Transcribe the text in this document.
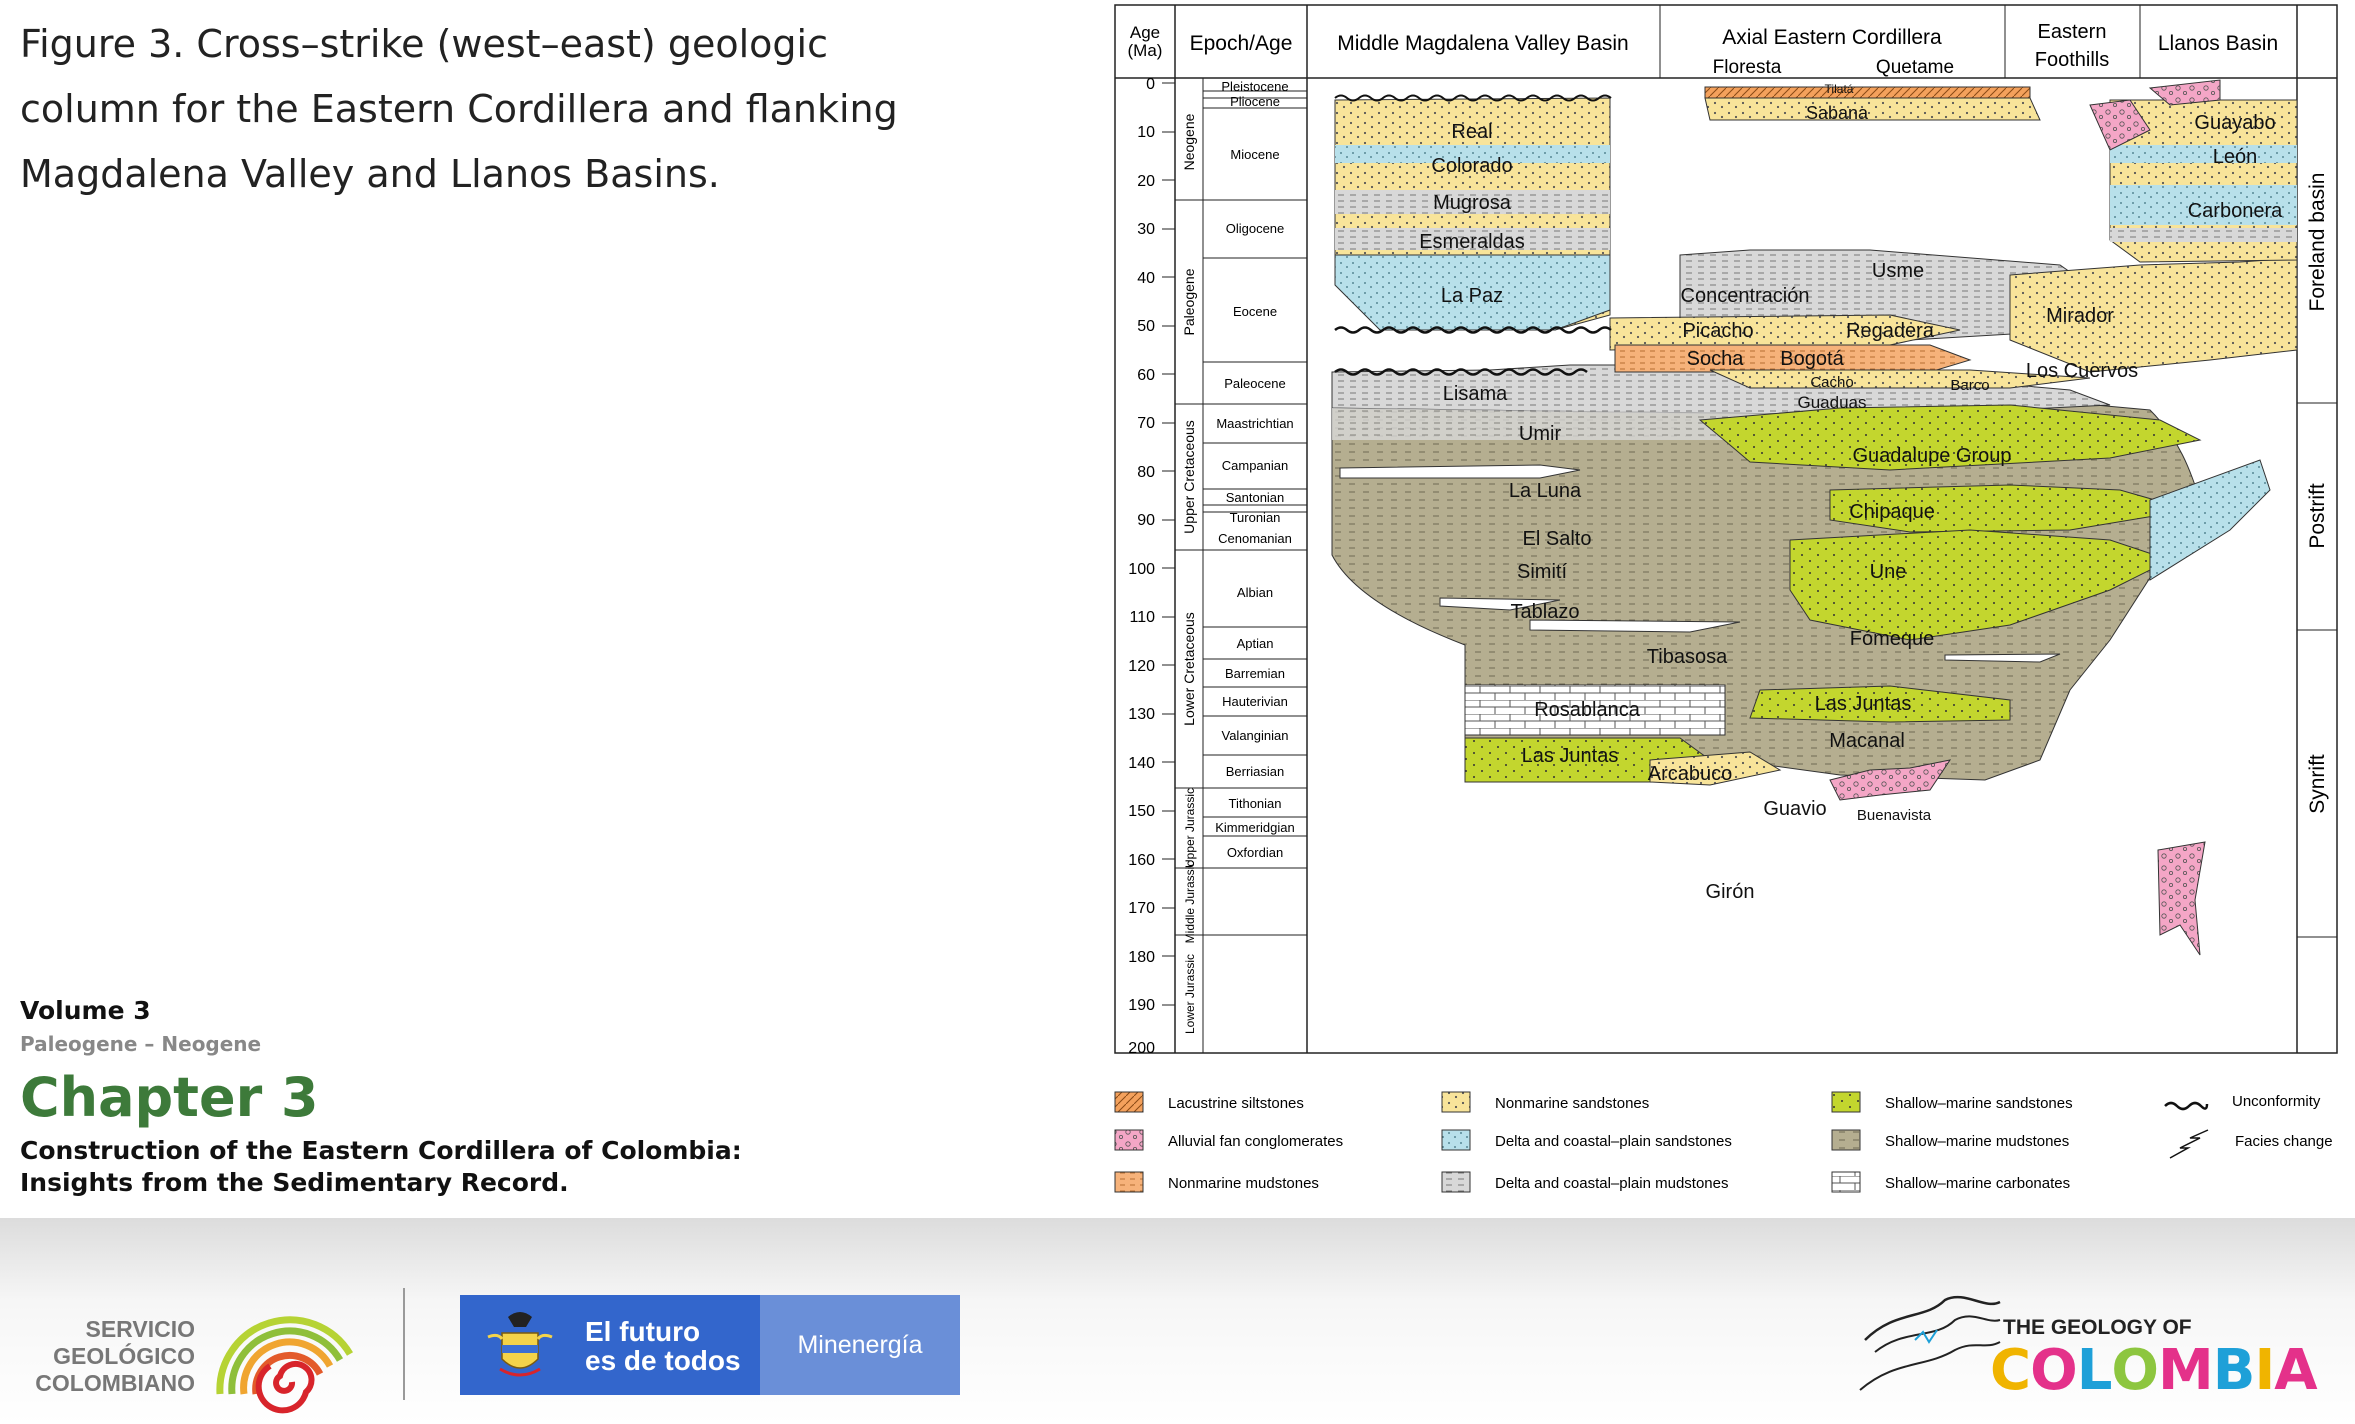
Figure 3. Cross–strike (west–east) geologic
column for the Eastern Cordillera and flanking
Magdalena Valley and Llanos Basins.
Volume 3
Paleogene – Neogene
Chapter 3
Construction of the Eastern Cordillera of Colombia:
Insights from the Sedimentary Record.
Age
(Ma) Epoch/Age Middle Magdalena Valley Basin	Axial Eastern Cordillera
Floresta	Quetame
Eastern
Foothills
Llanos Basin
0
10
20
30
40
50
60
70
80
90
100
110
120
130
140
150
160
170
180
190
200
Neogene
Paleogene
Upper Cretaceous
Lower Cretaceous
Upper Jurassic
Middle Jurassic
Lower Jurassic
Pleistocene
Pliocene
Miocene
Oligocene
Eocene
Paleocene
Maastrichtian
Campanian
Santonian
Turonian
Cenomanian
Albian
Aptian
Barremian
Hauterivian
Valanginian
Berriasian
Tithonian
Kimmeridgian
Oxfordian
Foreland basin
Postrift
Synrift
Real
Colorado
Mugrosa
Esmeraldas
La Paz
Lisama
Umir
La Luna
El Salto
Simití
Tablazo
Tibasosa
Rosablanca
Las Juntas
Arcabuco
Guavio Buenavista
Girón
Tilatá
Sabana	Guayabo
León
Carbonera
Usme
Concentración
Picacho	Regadera
Mirador
Socha Bogotá
Los Cuervos
Cacho	Barco
Guaduas
Guadalupe Group
Chipaque
Une
Fómeque
Las Juntas
Macanal
Lacustrine siltstones
Alluvial fan conglomerates
Nonmarine mudstones
Nonmarine sandstones
Delta and coastal–plain sandstones
Delta and coastal–plain mudstones
Shallow–marine sandstones
Shallow–marine mudstones
Shallow–marine carbonates
Unconformity
Facies change
SERVICIO
GEOLÓGICO
COLOMBIANO
El futuro
es de todos
Minenergía
THE GEOLOGY OF
COLOMBIA
